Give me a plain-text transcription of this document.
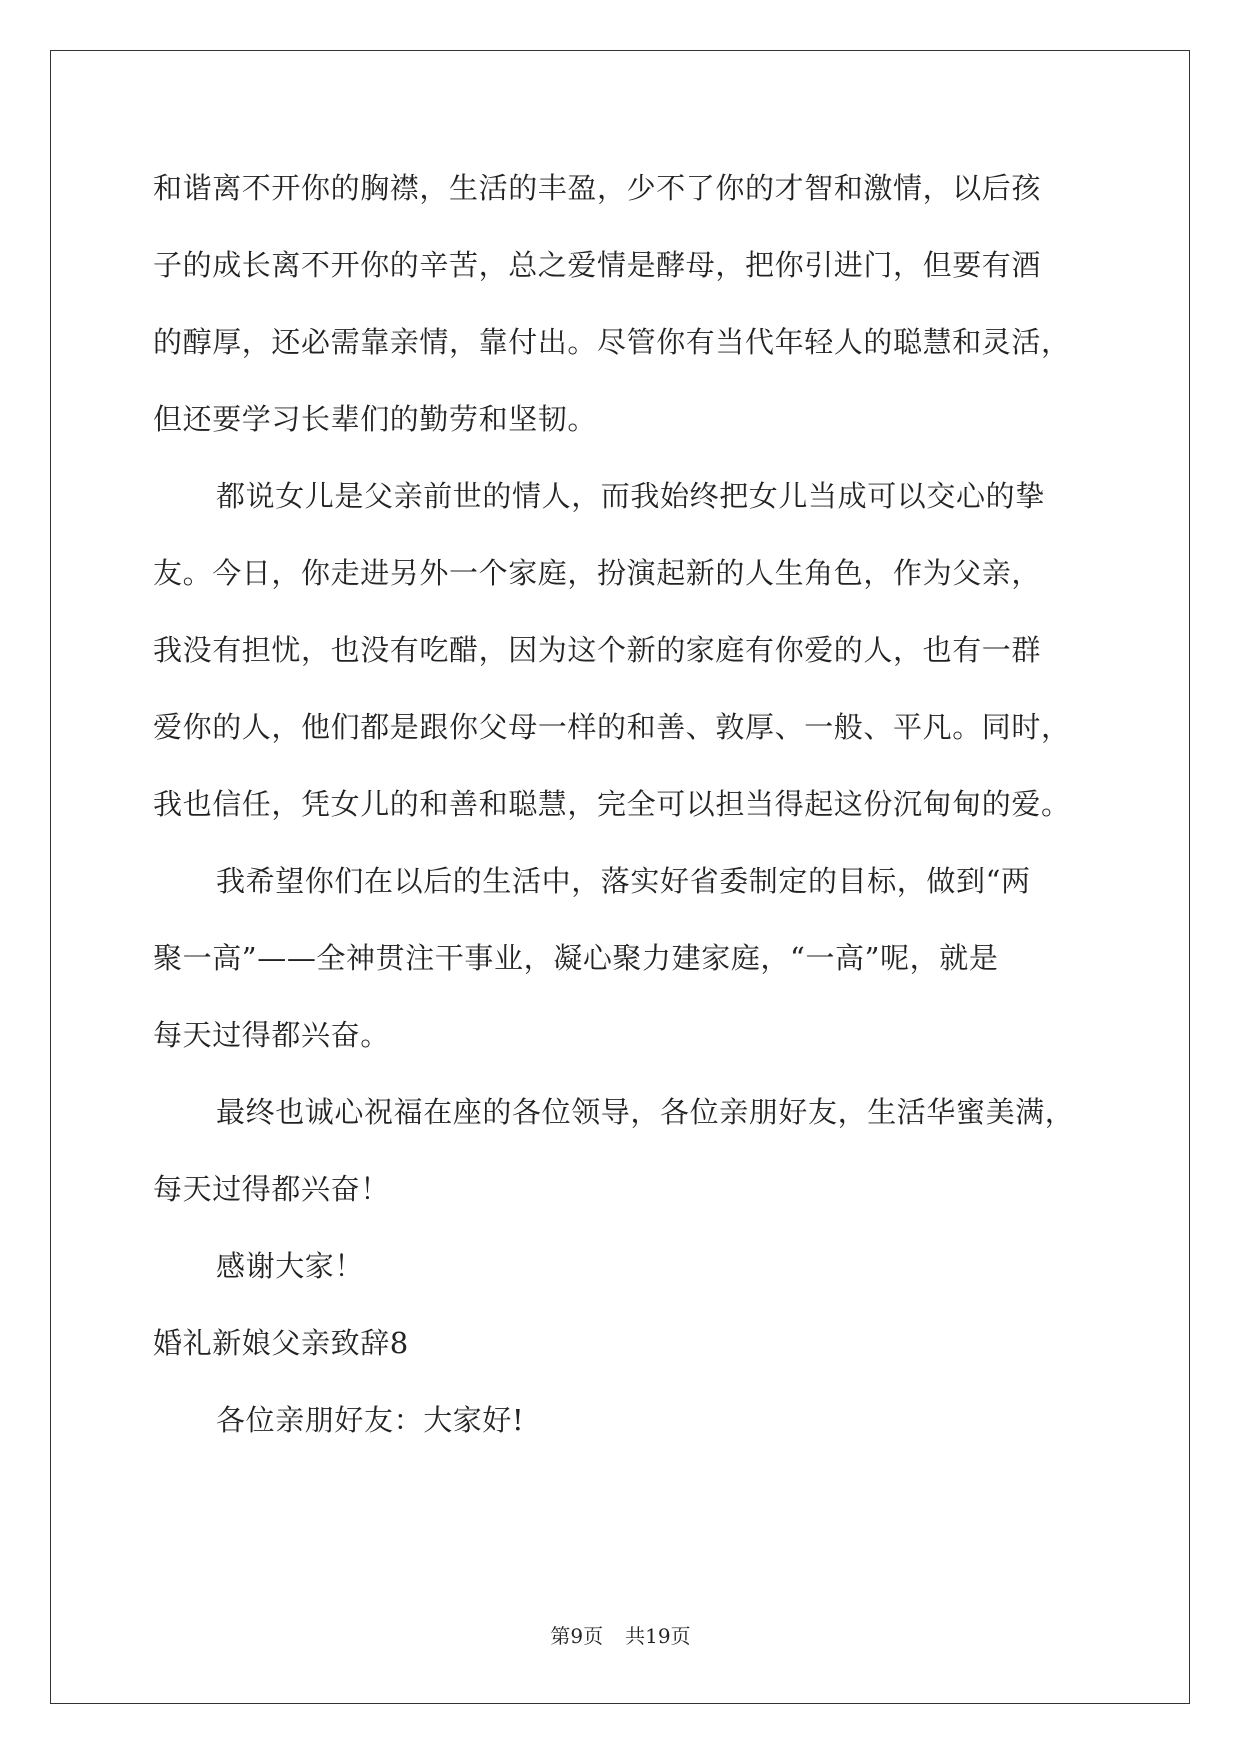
和谐离不开你的胸襟，生活的丰盈，少不了你的才智和激情，以后孩
子的成长离不开你的辛苦，总之爱情是酵母，把你引进门，但要有酒
的醇厚，还必需靠亲情，靠付出。尽管你有当代年轻人的聪慧和灵活，
但还要学习长辈们的勤劳和坚韧。
都说女儿是父亲前世的情人，而我始终把女儿当成可以交心的挚
友。今日，你走进另外一个家庭，扮演起新的人生角色，作为父亲，
我没有担忧，也没有吃醋，因为这个新的家庭有你爱的人，也有一群
爱你的人，他们都是跟你父母一样的和善、敦厚、一般、平凡。同时，
我也信任，凭女儿的和善和聪慧，完全可以担当得起这份沉甸甸的爱。
我希望你们在以后的生活中，落实好省委制定的目标，做到“两
聚一高”——全神贯注干事业，凝心聚力建家庭，“一高”呢，就是
每天过得都兴奋。
最终也诚心祝福在座的各位领导，各位亲朋好友，生活华蜜美满，
每天过得都兴奋！
感谢大家！
婚礼新娘父亲致辞8
各位亲朋好友：大家好!
第9页 共19页
